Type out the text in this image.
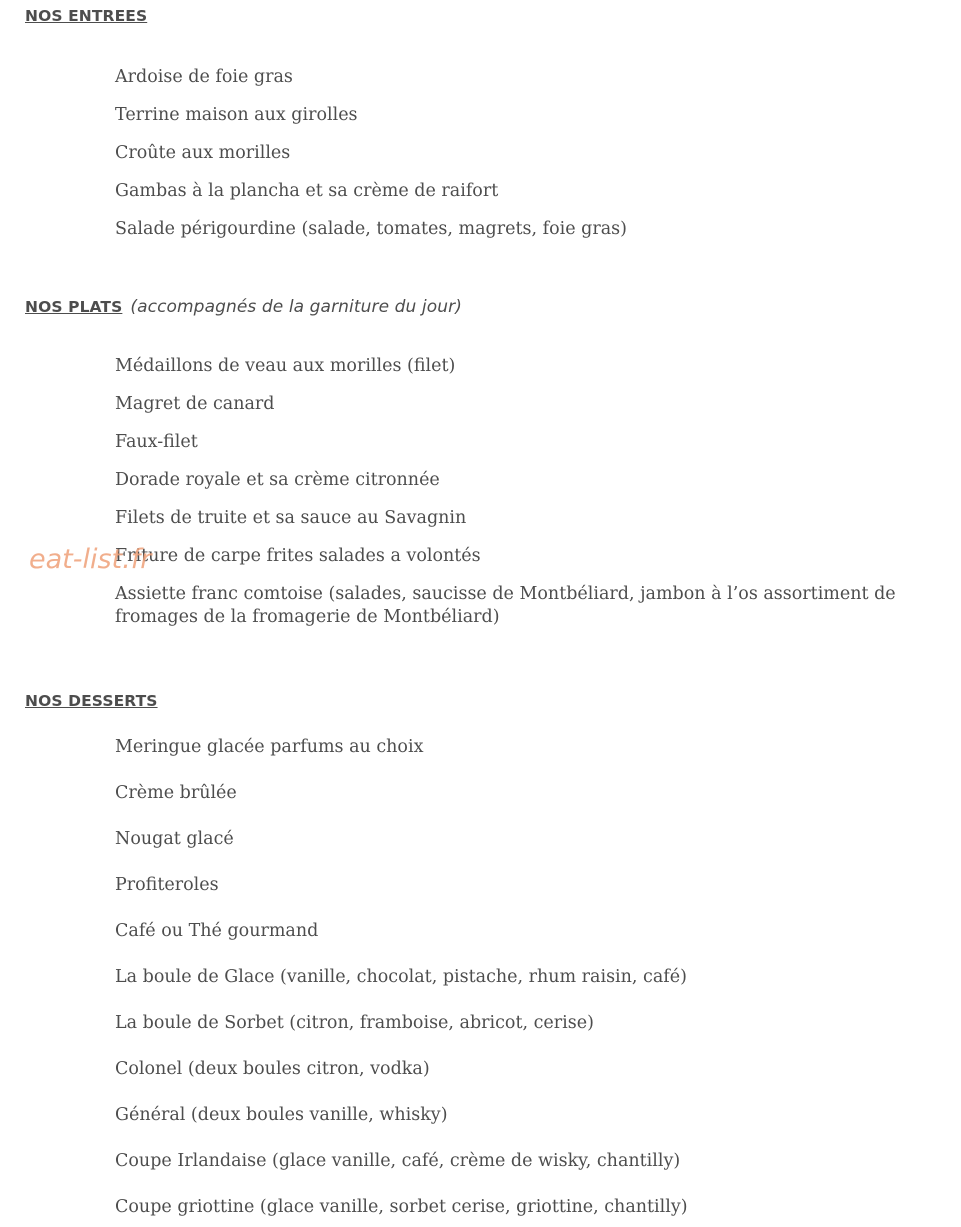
NOS ENTREES
Ardoise de foie gras
Terrine maison aux girolles
Croûte aux morilles
Gambas à la plancha et sa crème de raifort
Salade périgourdine (salade, tomates, magrets, foie gras)
NOS PLATS (accompagnés de la garniture du jour)
Médaillons de veau aux morilles (filet)
Magret de canard
Faux-filet
Dorade royale et sa crème citronnée
Filets de truite et sa sauce au Savagnin
Friture de carpe frites salades a volontés
Assiette franc comtoise (salades, saucisse de Montbéliard, jambon à l’os assortiment de fromages de la fromagerie de Montbéliard)
NOS DESSERTS
Meringue glacée parfums au choix
Crème brûlée
Nougat glacé
Profiteroles
Café ou Thé gourmand
La boule de Glace (vanille, chocolat, pistache, rhum raisin, café)
La boule de Sorbet (citron, framboise, abricot, cerise)
Colonel (deux boules citron, vodka)
Général (deux boules vanille, whisky)
Coupe Irlandaise (glace vanille, café, crème de wisky, chantilly)
Coupe griottine (glace vanille, sorbet cerise, griottine, chantilly)
eat-list.fr
